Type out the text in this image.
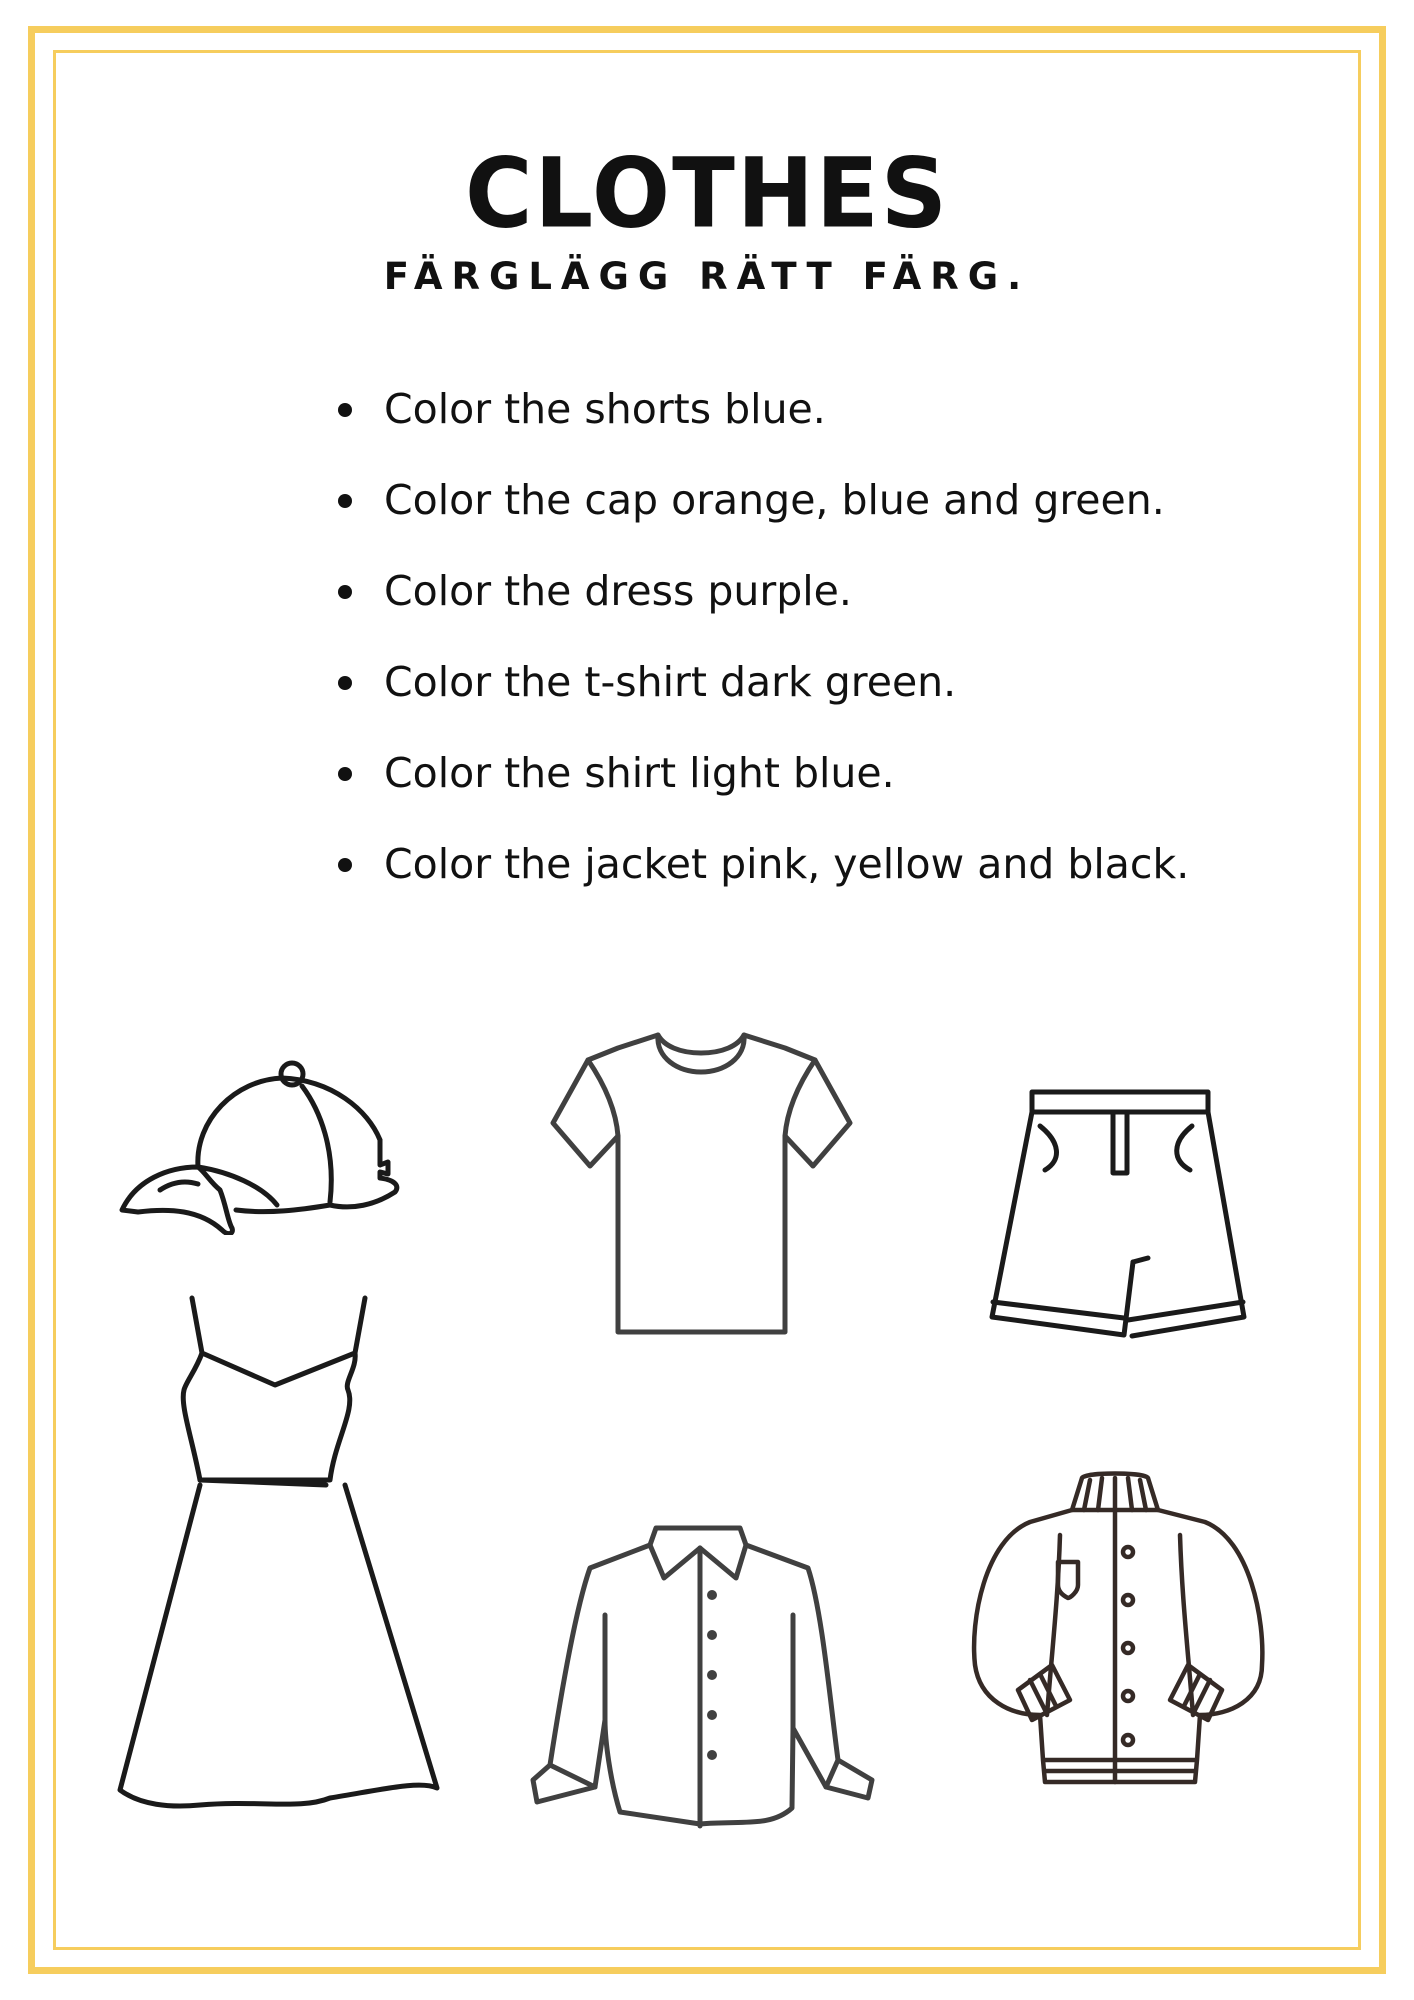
CLOTHES
FÄRGLÄGG RÄTT FÄRG.
Color the shorts blue.
Color the cap orange, blue and green.
Color the dress purple.
Color the t-shirt dark green.
Color the shirt light blue.
Color the jacket pink, yellow and black.
